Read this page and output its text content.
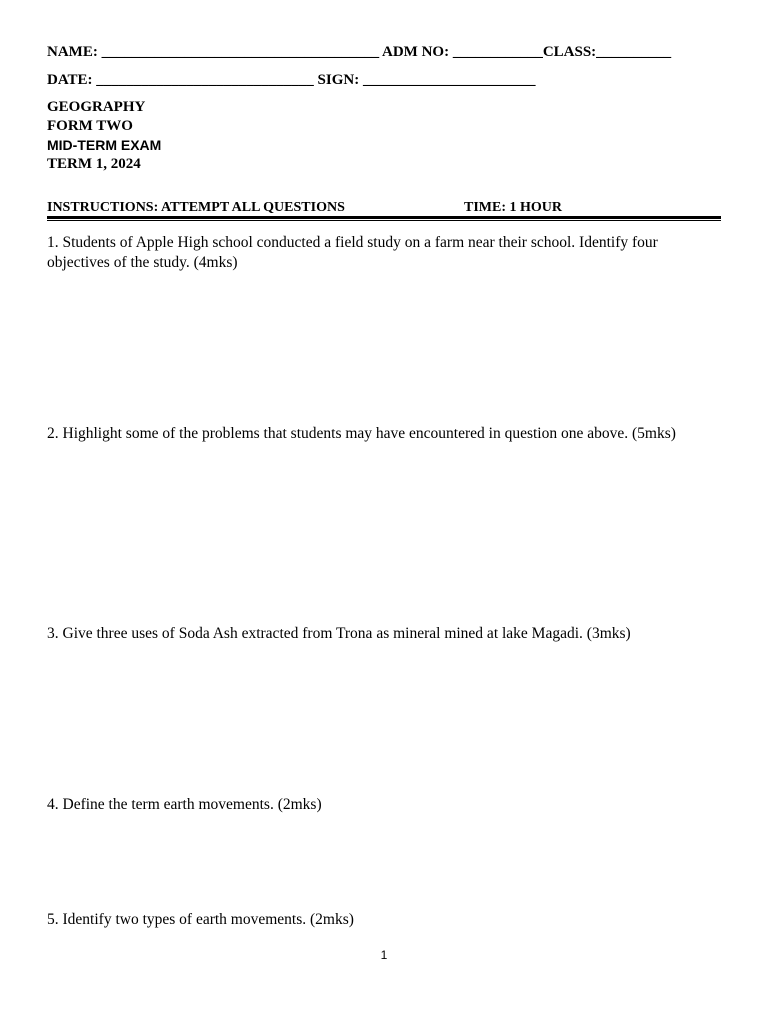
NAME: _____________________________________ ADM NO: ____________CLASS:__________
DATE: _____________________________ SIGN: _______________________
GEOGRAPHY
FORM TWO
MID-TERM EXAM
TERM 1, 2024
INSTRUCTIONS: ATTEMPT ALL QUESTIONS	TIME: 1 HOUR
1. Students of Apple High school conducted a field study on a farm near their school. Identify four objectives of the study. (4mks)
2. Highlight some of the problems that students may have encountered in question one above. (5mks)
3. Give three uses of Soda Ash extracted from Trona as mineral mined at lake Magadi. (3mks)
4. Define the term earth movements. (2mks)
5. Identify two types of earth movements. (2mks)
1
